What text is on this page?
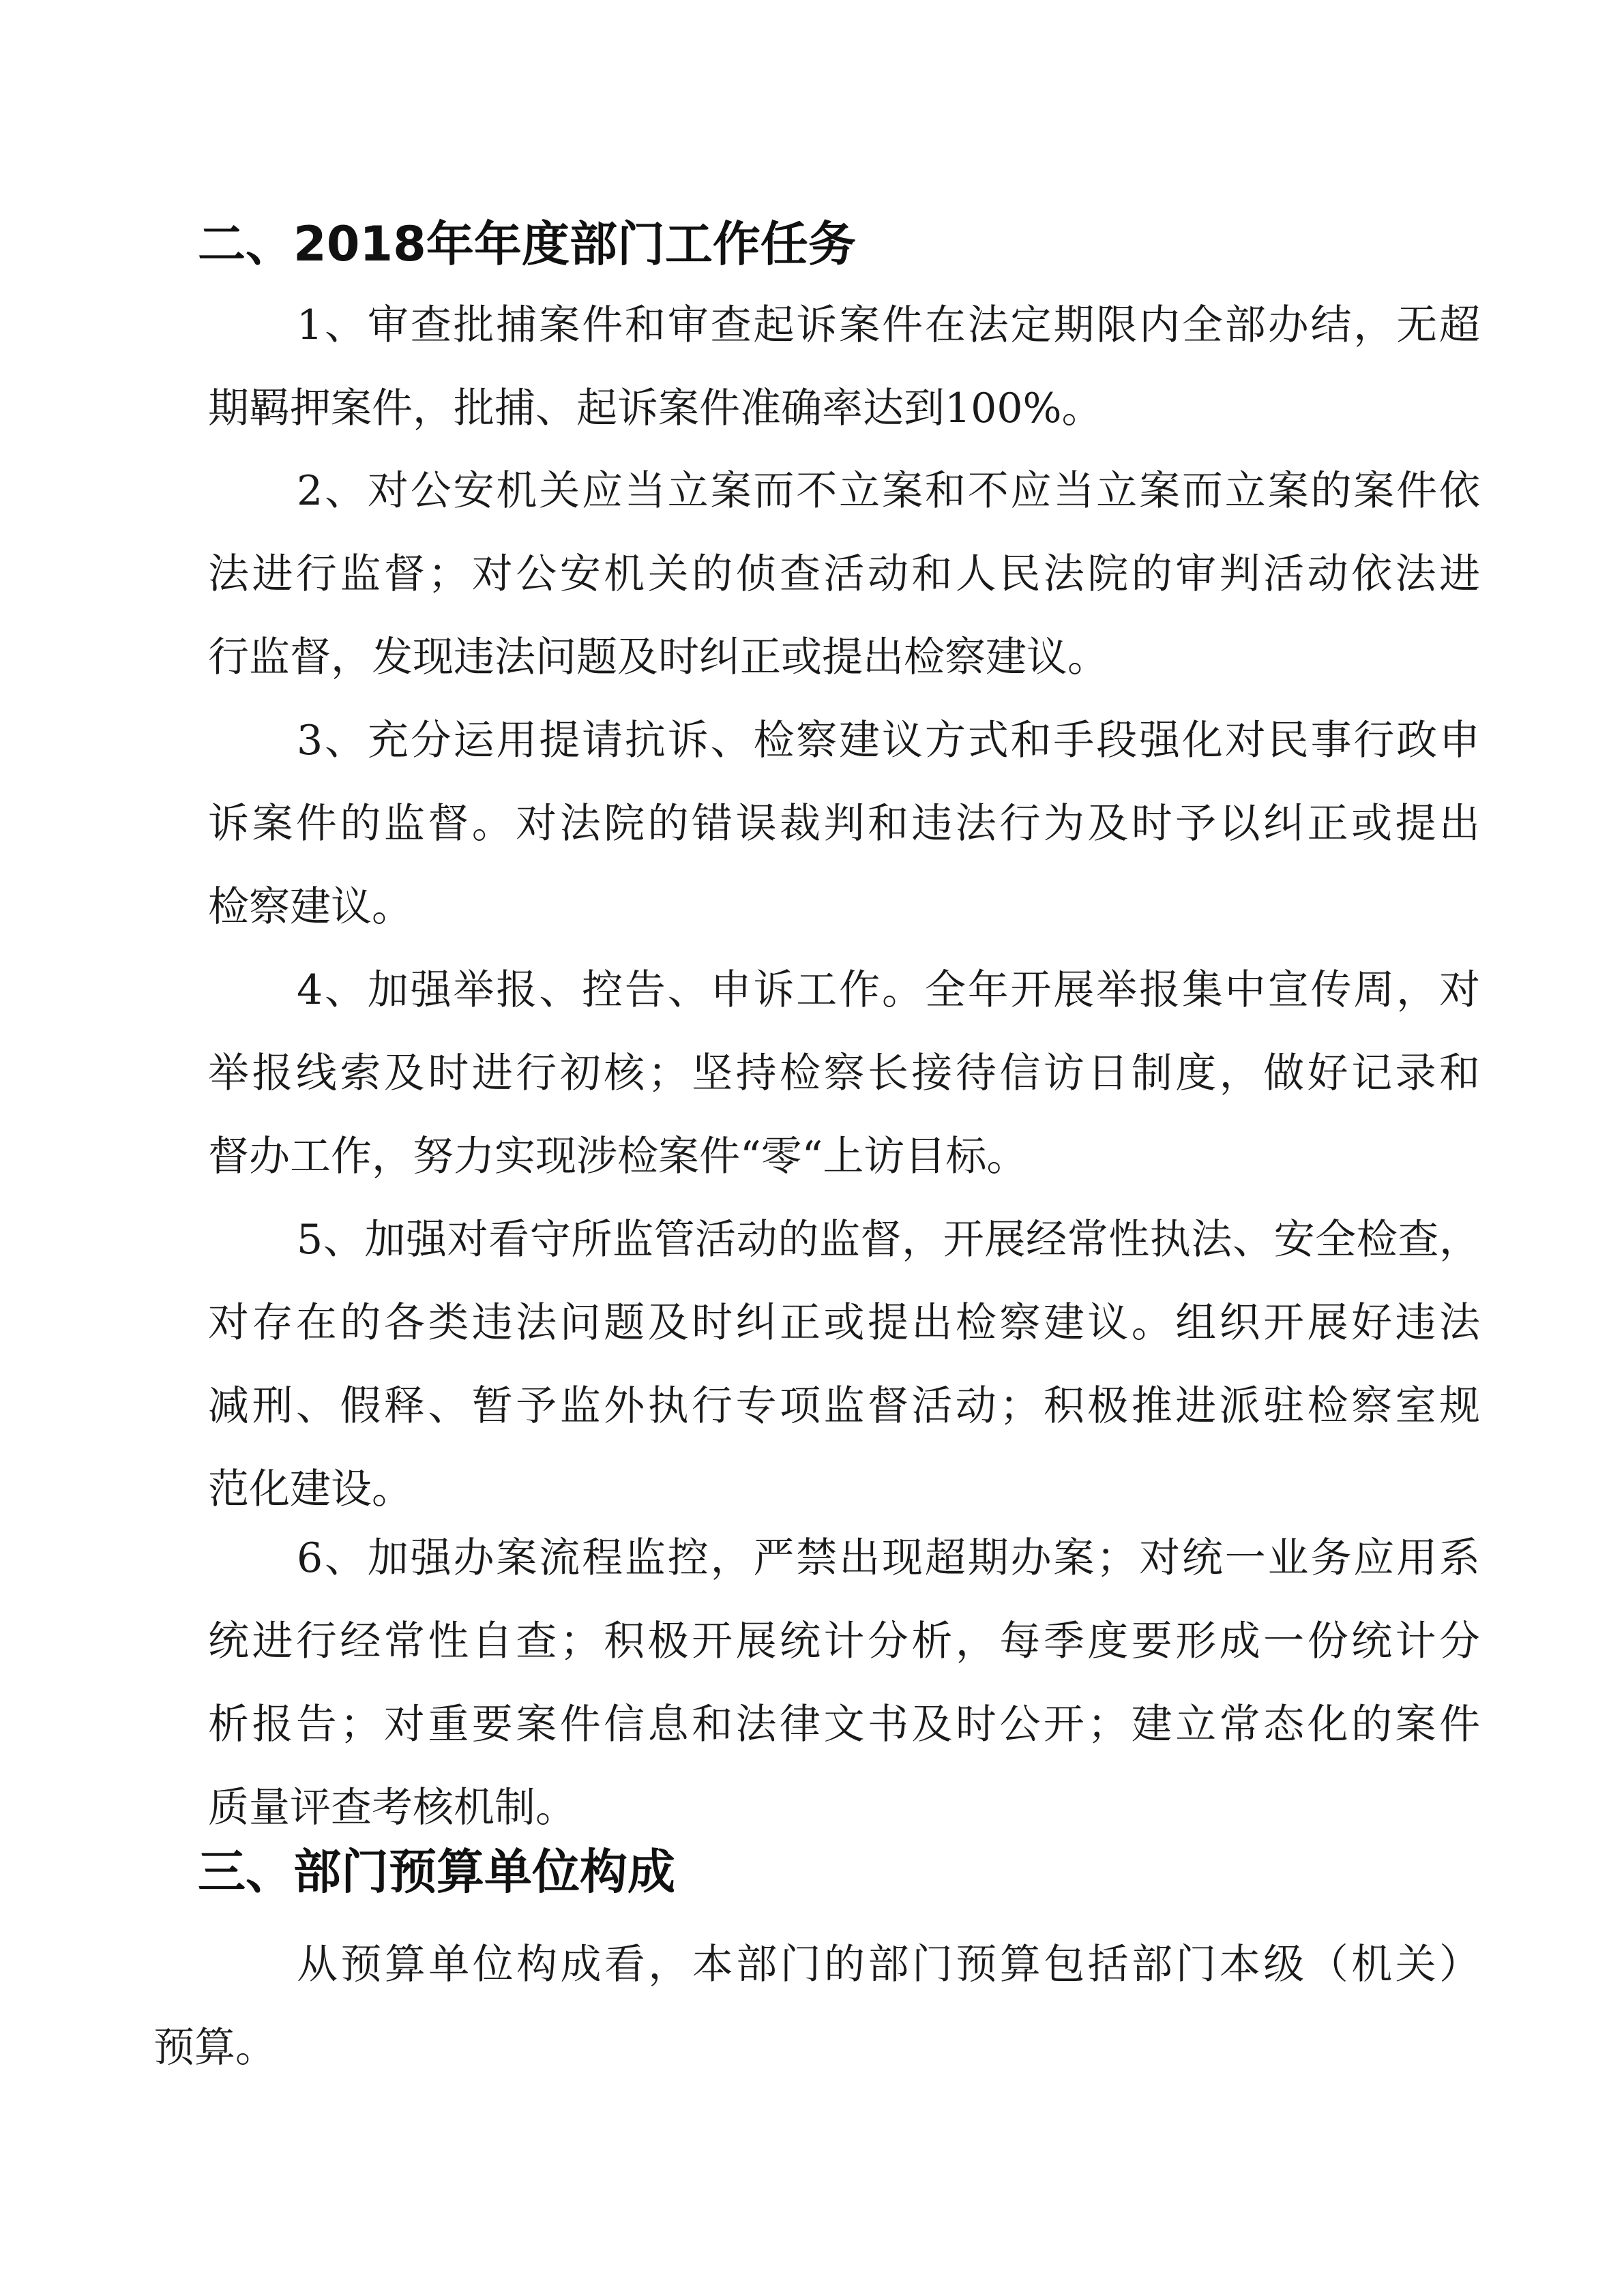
二、2018年年度部门工作任务

1、审查批捕案件和审查起诉案件在法定期限内全部办结，无超
期羁押案件，批捕、起诉案件准确率达到100%。

2、对公安机关应当立案而不立案和不应当立案而立案的案件依
法进行监督；对公安机关的侦查活动和人民法院的审判活动依法进
行监督，发现违法问题及时纠正或提出检察建议。

3、充分运用提请抗诉、检察建议方式和手段强化对民事行政申
诉案件的监督。对法院的错误裁判和违法行为及时予以纠正或提出
检察建议。

4、加强举报、控告、申诉工作。全年开展举报集中宣传周，对
举报线索及时进行初核；坚持检察长接待信访日制度，做好记录和
督办工作，努力实现涉检案件“零“上访目标。

5、加强对看守所监管活动的监督，开展经常性执法、安全检查，
对存在的各类违法问题及时纠正或提出检察建议。组织开展好违法
减刑、假释、暂予监外执行专项监督活动；积极推进派驻检察室规
范化建设。

6、加强办案流程监控，严禁出现超期办案；对统一业务应用系
统进行经常性自查；积极开展统计分析，每季度要形成一份统计分
析报告；对重要案件信息和法律文书及时公开；建立常态化的案件
质量评查考核机制。

三、部门预算单位构成

从预算单位构成看，本部门的部门预算包括部门本级（机关）
预算。
